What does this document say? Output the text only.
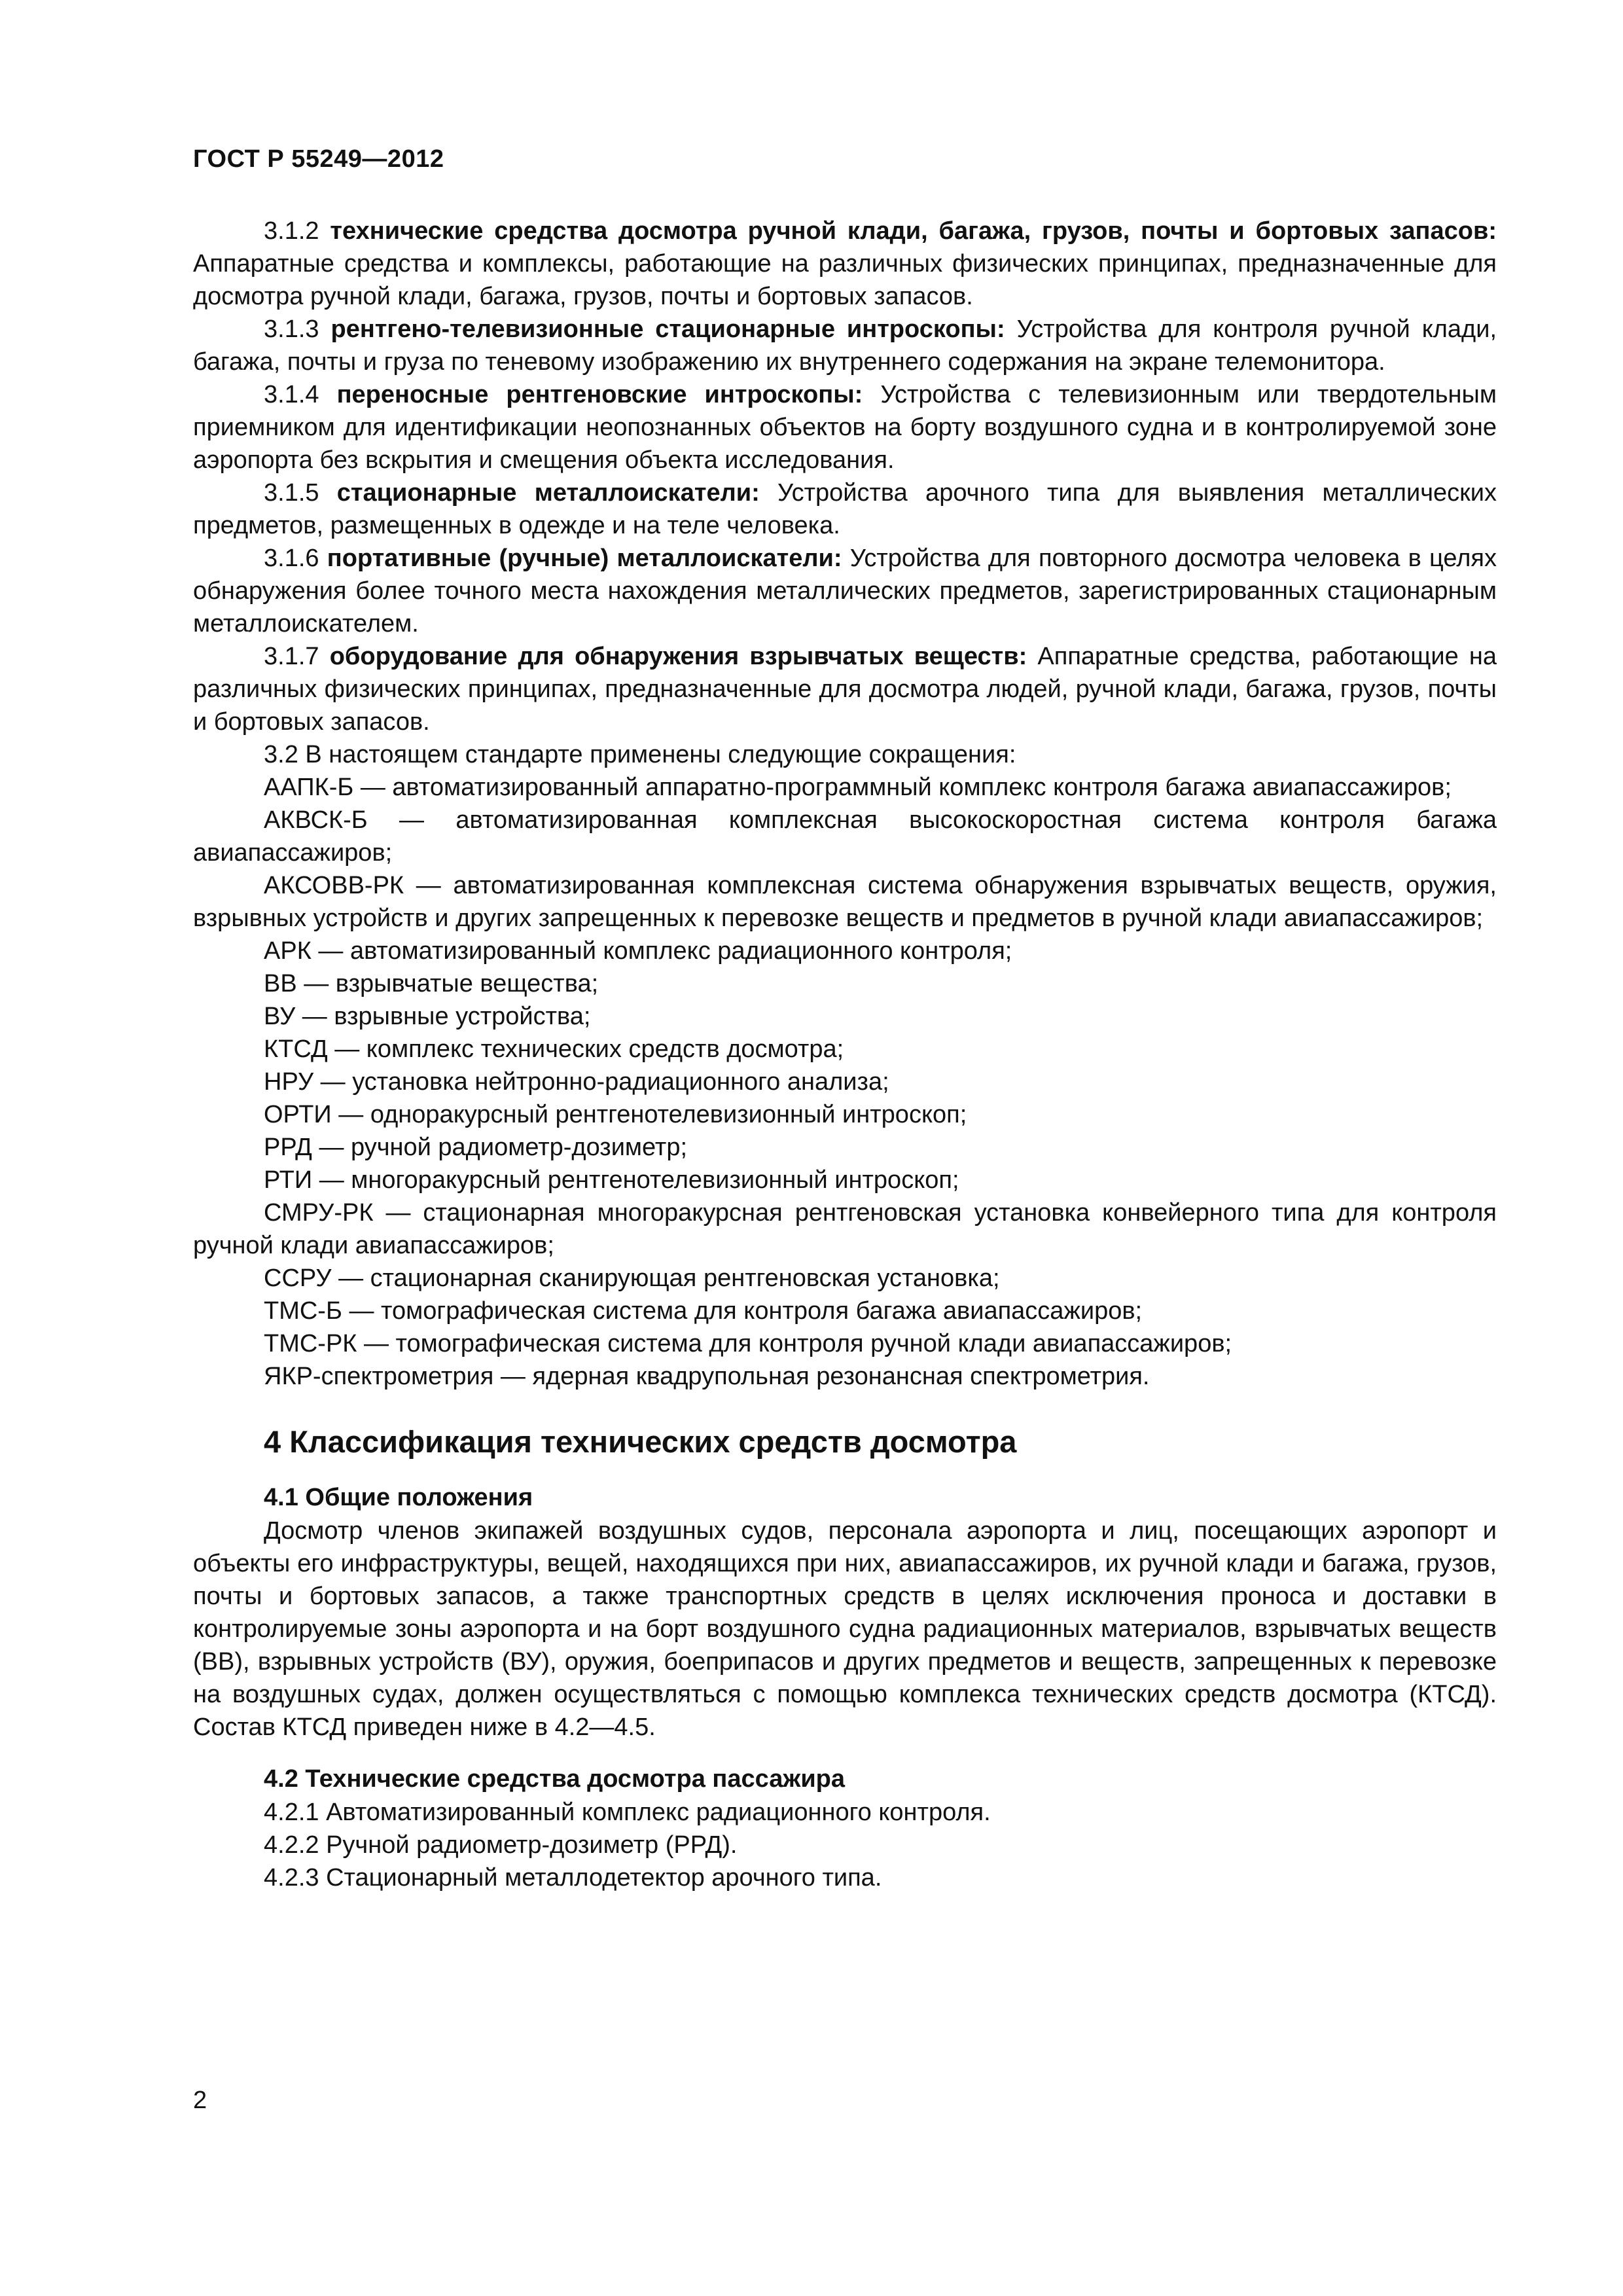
ГОСТ Р 55249—2012

3.1.2 технические средства досмотра ручной клади, багажа, грузов, почты и бортовых запасов: Аппаратные средства и комплексы, работающие на различных физических принципах, предназначенные для досмотра ручной клади, багажа, грузов, почты и бортовых запасов.

3.1.3 рентгено-телевизионные стационарные интроскопы: Устройства для контроля ручной клади, багажа, почты и груза по теневому изображению их внутреннего содержания на экране телемонитора.

3.1.4 переносные рентгеновские интроскопы: Устройства с телевизионным или твердотельным приемником для идентификации неопознанных объектов на борту воздушного судна и в контролируемой зоне аэропорта без вскрытия и смещения объекта исследования.

3.1.5 стационарные металлоискатели: Устройства арочного типа для выявления металлических предметов, размещенных в одежде и на теле человека.

3.1.6 портативные (ручные) металлоискатели: Устройства для повторного досмотра человека в целях обнаружения более точного места нахождения металлических предметов, зарегистрированных стационарным металлоискателем.

3.1.7 оборудование для обнаружения взрывчатых веществ: Аппаратные средства, работающие на различных физических принципах, предназначенные для досмотра людей, ручной клади, багажа, грузов, почты и бортовых запасов.

3.2 В настоящем стандарте применены следующие сокращения:

ААПК-Б — автоматизированный аппаратно-программный комплекс контроля багажа авиапассажиров;

АКВСК-Б — автоматизированная комплексная высокоскоростная система контроля багажа авиапассажиров;

АКСОВВ-РК — автоматизированная комплексная система обнаружения взрывчатых веществ, оружия, взрывных устройств и других запрещенных к перевозке веществ и предметов в ручной клади авиапассажиров;

АРК — автоматизированный комплекс радиационного контроля;

ВВ — взрывчатые вещества;

ВУ — взрывные устройства;

КТСД — комплекс технических средств досмотра;

НРУ — установка нейтронно-радиационного анализа;

ОРТИ — одноракурсный рентгенотелевизионный интроскоп;

РРД — ручной радиометр-дозиметр;

РТИ — многоракурсный рентгенотелевизионный интроскоп;

СМРУ-РК — стационарная многоракурсная рентгеновская установка конвейерного типа для контроля ручной клади авиапассажиров;

ССРУ — стационарная сканирующая рентгеновская установка;

ТМС-Б — томографическая система для контроля багажа авиапассажиров;

ТМС-РК — томографическая система для контроля ручной клади авиапассажиров;

ЯКР-спектрометрия — ядерная квадрупольная резонансная спектрометрия.

4 Классификация технических средств досмотра
4.1 Общие положения

Досмотр членов экипажей воздушных судов, персонала аэропорта и лиц, посещающих аэропорт и объекты его инфраструктуры, вещей, находящихся при них, авиапассажиров, их ручной клади и багажа, грузов, почты и бортовых запасов, а также транспортных средств в целях исключения проноса и доставки в контролируемые зоны аэропорта и на борт воздушного судна радиационных материалов, взрывчатых веществ (ВВ), взрывных устройств (ВУ), оружия, боеприпасов и других предметов и веществ, запрещенных к перевозке на воздушных судах, должен осуществляться с помощью комплекса технических средств досмотра (КТСД). Состав КТСД приведен ниже в 4.2—4.5.

4.2 Технические средства досмотра пассажира

4.2.1 Автоматизированный комплекс радиационного контроля.

4.2.2 Ручной радиометр-дозиметр (РРД).

4.2.3 Стационарный металлодетектор арочного типа.

2
